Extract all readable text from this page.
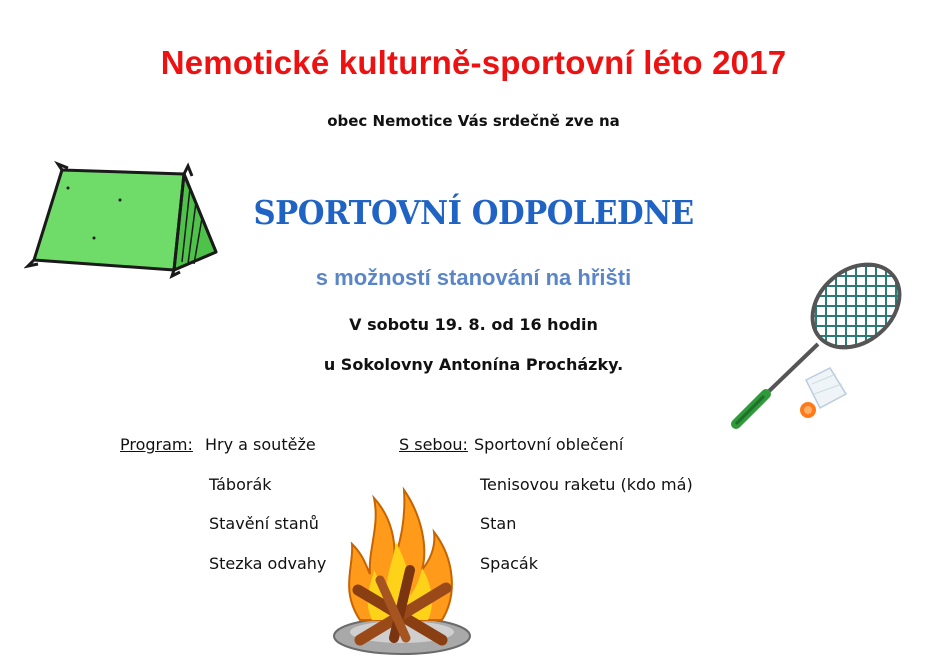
Nemotické kulturně-sportovní léto 2017
obec Nemotice Vás srdečně zve na
SPORTOVNÍ ODPOLEDNE
s možností stanování na hřišti
V sobotu 19. 8. od 16 hodin
u Sokolovny Antonína Procházky.
Program: Hry a soutěže
Táborák
Stavění stanů
Stezka odvahy
S sebou: Sportovní oblečení
Tenisovou raketu (kdo má)
Stan
Spacák
